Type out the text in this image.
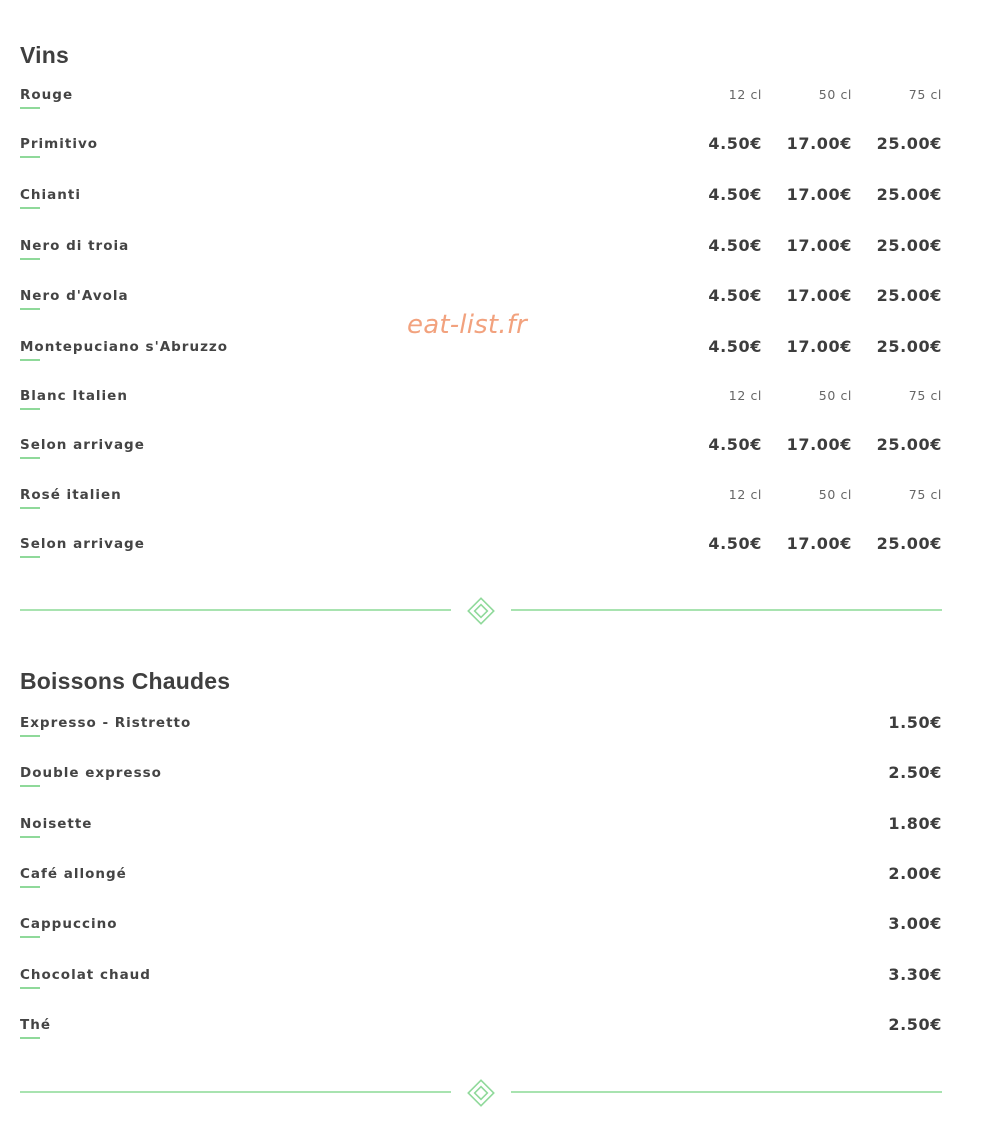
Vins
Rouge	12 cl	50 cl	75 cl
Primitivo	4.50€ 17.00€ 25.00€
Chianti	4.50€ 17.00€ 25.00€
Nero di troia	4.50€ 17.00€ 25.00€
Nero d'Avola	4.50€ 17.00€ 25.00€
Montepuciano s'Abruzzo	4.50€ 17.00€ 25.00€
Blanc Italien	12 cl	50 cl	75 cl
Selon arrivage	4.50€ 17.00€ 25.00€
Rosé italien	12 cl	50 cl	75 cl
Selon arrivage	4.50€ 17.00€ 25.00€
Boissons Chaudes
Expresso - Ristretto	1.50€
Double expresso	2.50€
Noisette	1.80€
Café allongé	2.00€
Cappuccino	3.00€
Chocolat chaud	3.30€
Thé	2.50€
eat-list.fr
